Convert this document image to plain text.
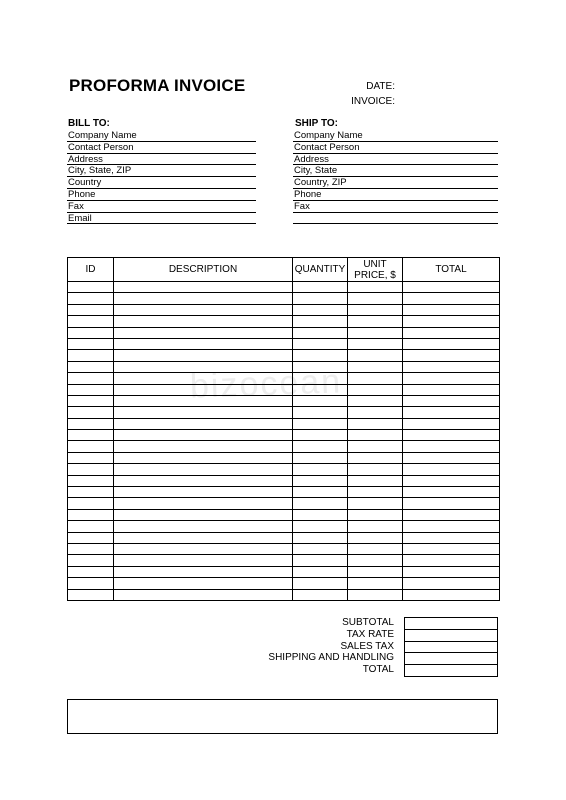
PROFORMA INVOICE	DATE:
INVOICE:
BILL TO:	SHIP TO:
Company Name
Contact Person
Address
City, State, ZIP
Country
Phone
Fax
Email
Company Name
Contact Person
Address
City, State
Country, ZIP
Phone
Fax
bizocean
ID	DESCRIPTION	QUANTITY	UNIT PRICE, $	TOTAL

SUBTOTAL
TAX RATE
SALES TAX
SHIPPING AND HANDLING
TOTAL
